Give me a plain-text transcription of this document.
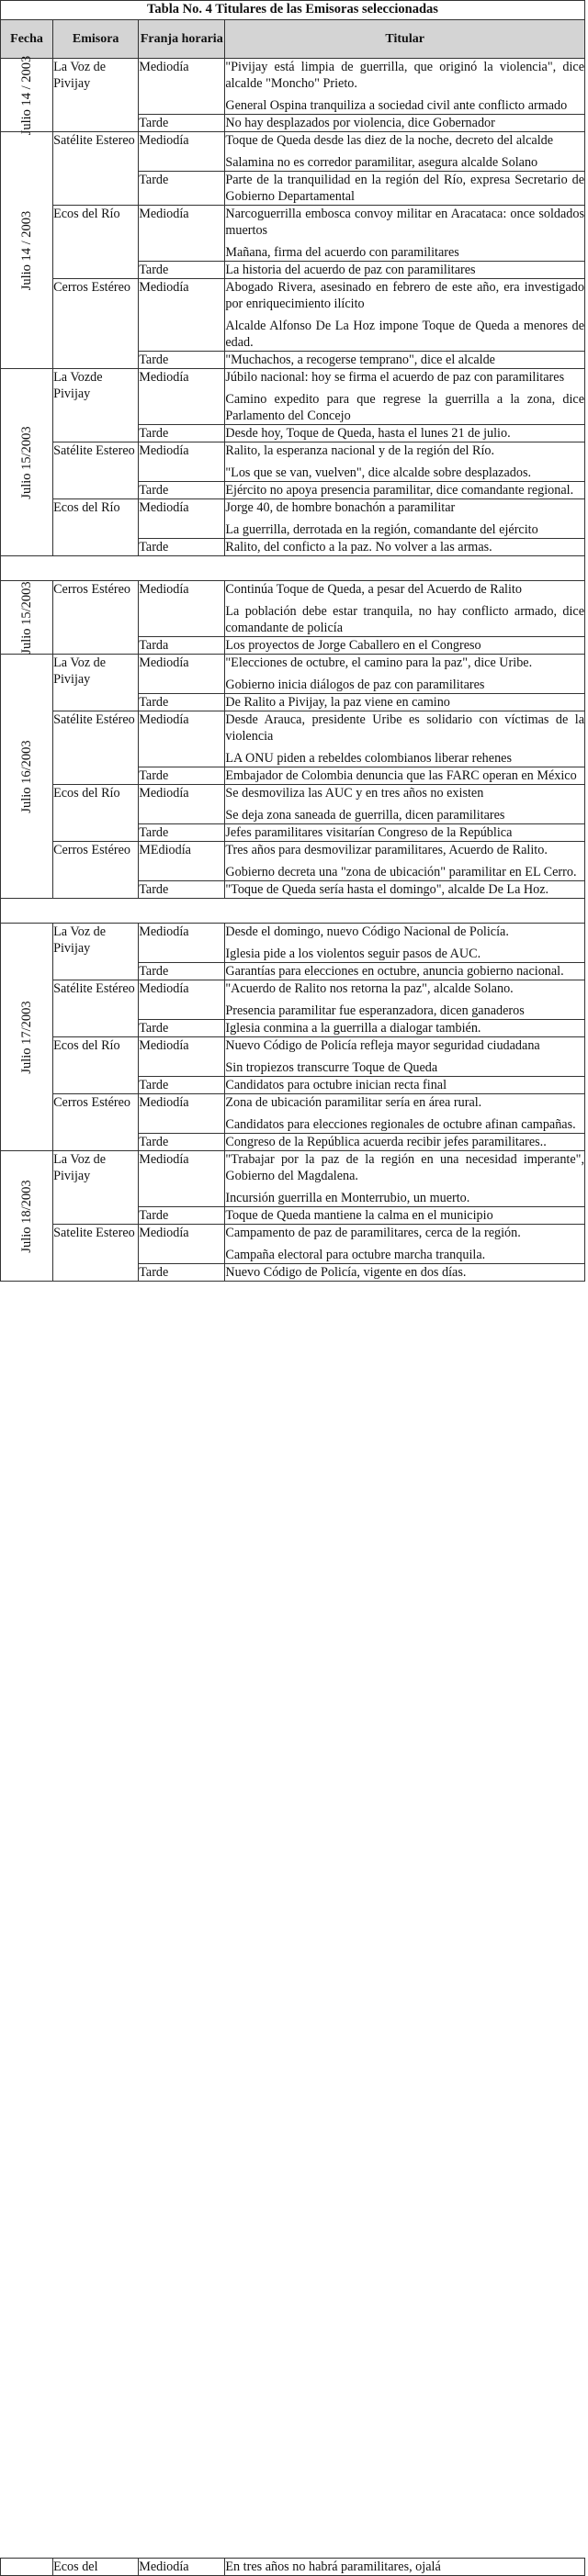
Tabla No. 4 Titulares de las Emisoras seleccionadas			
Fecha	Emisora	Franja horaria	Titular

Julio 14 / 2003	La Voz de Pivijay	Mediodía	"Pivijay está limpia de guerrilla, que originó la violencia", dice alcalde "Moncho" Prieto.

General Ospina tranquiliza a sociedad civil ante conflicto armado

		Tarde	No hay desplazados por violencia, dice Gobernador

Julio 14 / 2003	Satélite Estereo	Mediodía	Toque de Queda desde las diez de la noche, decreto del alcalde

Salamina no es corredor paramilitar, asegura alcalde Solano

		Tarde	Parte de la tranquilidad en la región del Río, expresa Secretario de Gobierno Departamental

	Ecos del Río	Mediodía	Narcoguerrilla embosca convoy militar en Aracataca: once soldados muertos

Mañana, firma del acuerdo con paramilitares

		Tarde	La historia del acuerdo de paz con paramilitares

	Cerros Estéreo	Mediodía	Abogado Rivera, asesinado en febrero de este año, era investigado por enriquecimiento ilícito

Alcalde Alfonso De La Hoz impone Toque de Queda a menores de edad.

		Tarde	"Muchachos, a recogerse temprano", dice el alcalde

Julio 15/2003	La Vozde Pivijay	Mediodía	Júbilo nacional: hoy se firma el acuerdo de paz con paramilitares

Camino expedito para que regrese la guerrilla a la zona, dice Parlamento del Concejo

		Tarde	Desde hoy, Toque de Queda, hasta el lunes 21 de julio.

	Satélite Estereo	Mediodía	Ralito, la esperanza nacional y de la región del Río.

"Los que se van, vuelven", dice alcalde sobre desplazados.

		Tarde	Ejército no apoya presencia paramilitar, dice comandante regional.

	Ecos del Río	Mediodía	Jorge 40, de hombre bonachón a paramilitar

La guerrilla, derrotada en la región, comandante del ejército

		Tarde	Ralito, del confict​o a la paz. No volver a las armas.

Julio 15/2003	Cerros Estéreo	Mediodía	Continúa Toque de Queda, a pesar del Acuerdo de Ralito

La población debe estar tranquila, no hay conflicto armado, dice comandante de policía

		Tarda	Los proyectos de Jorge Caballero en el Congreso

Julio 16/2003	La Voz de Pivijay	Mediodía	"Elecciones de octubre, el camino para la paz", dice Uribe.

Gobierno inicia diálogos de paz con paramilitares

		Tarde	De Ralito a Pivijay, la paz viene en camino

	Satélite Estéreo	Mediodía	Desde Arauca, presidente Uribe es solidario con víctimas de la violencia

LA ONU piden a rebeldes colombianos liberar rehenes

		Tarde	Embajador de Colombia denuncia que las FARC operan en México

	Ecos del Río	Mediodía	Se desmoviliza las AUC y en tres años no existen

Se deja zona saneada de guerrilla, dicen paramilitares

		Tarde	Jefes paramilitares visitarían Congreso de la República

	Cerros Estéreo	MEdiodía	Tres años para desmovilizar paramilitares, Acuerdo de Ralito.

Gobierno decreta una "zona de ubicación" paramilitar en EL Cerro.

		Tarde	"Toque de Queda sería hasta el domingo", alcalde De La Hoz.

Julio 17/2003	La Voz de Pivijay	Mediodía	Desde el domingo, nuevo Código Nacional de Policía.

Iglesia pide a los violentos seguir pasos de AUC.

		Tarde	Garantías para elecciones en octubre, anuncia gobierno nacional.

	Satélite Estéreo	Mediodía	"Acuerdo de Ralito nos retorna la paz", alcalde Solano.

Presencia paramilitar fue esperanzadora, dicen ganaderos

		Tarde	Iglesia conmina a la guerrilla a dialogar también.

	Ecos del Río	Mediodía	Nuevo Código de Policía refleja mayor seguridad ciudadana

Sin tropiezos transcurre Toque de Queda

		Tarde	Candidatos para octubre inician recta final

	Cerros Estéreo	Mediodía	Zona de ubicación paramilitar sería en área rural.

Candidatos para elecciones regionales de octubre afinan campañas.

		Tarde	Congreso de la República acuerda recibir jefes paramilitares..

Julio 18/2003	La Voz de Pivijay	Mediodía	"Trabajar por la paz de la región en una necesidad imperante", Gobierno del Magdalena.

Incursión guerrilla en Monterrubio, un muerto.

		Tarde	Toque de Queda mantiene la calma en el municipio

	Satelite Estereo	Mediodía	Campamento de paz de paramilitares, cerca de la región.

Campaña electoral para octubre marcha tranquila.

		Tarde	Nuevo Código de Policía, vigente en dos días.

	Ecos del	Mediodía	En tres años no habrá paramilitares, ojalá
